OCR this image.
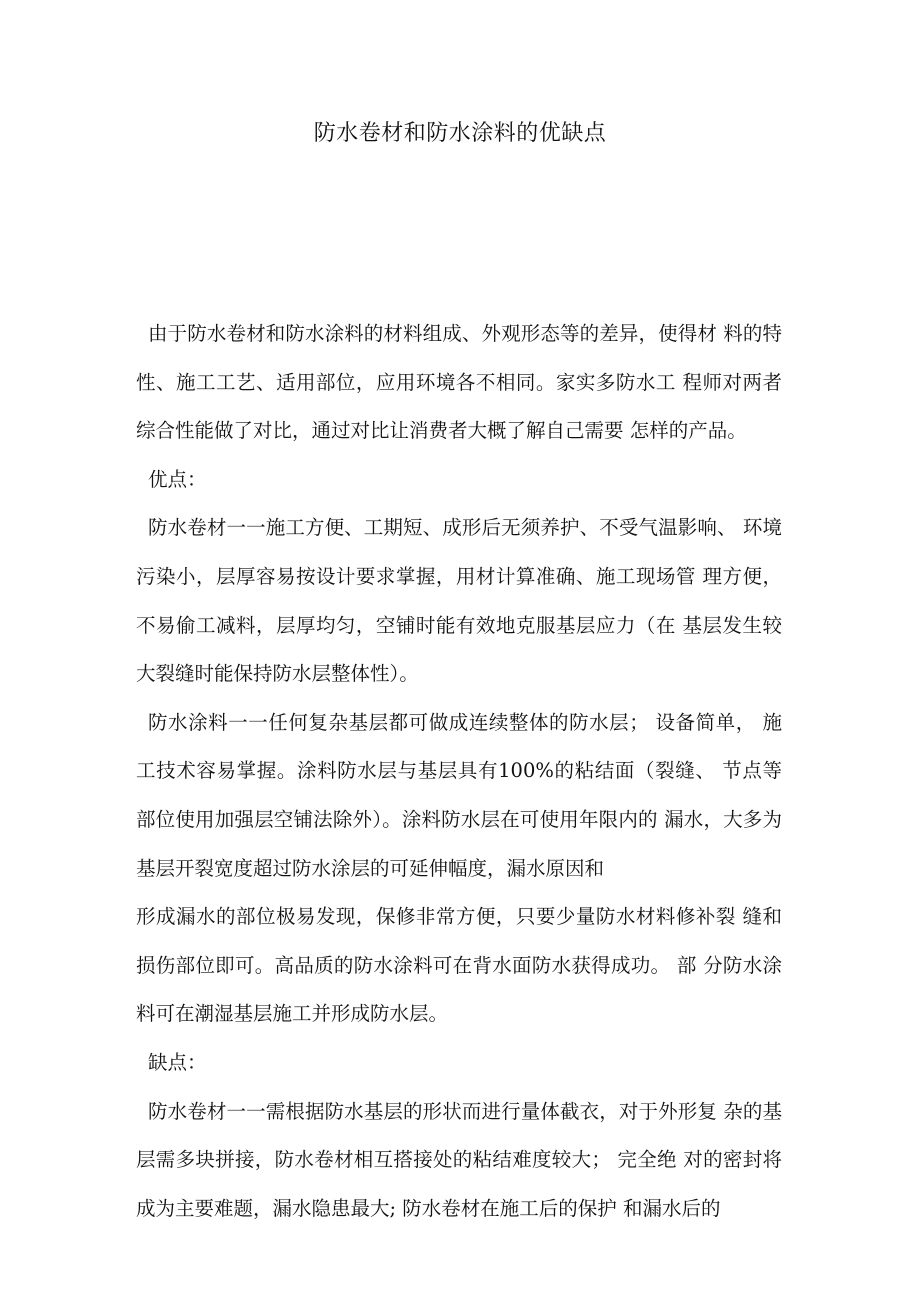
防水卷材和防水涂料的优缺点

由于防水卷材和防水涂料的材料组成、外观形态等的差异，使得材 料的特性、施工工艺、适用部位，应用环境各不相同。家实多防水工 程师对两者综合性能做了对比，通过对比让消费者大概了解自己需要 怎样的产品。

优点：

防水卷材一一施工方便、工期短、成形后无须养护、不受气温影响、 环境污染小，层厚容易按设计要求掌握，用材计算准确、施工现场管 理方便，不易偷工减料，层厚均匀，空铺时能有效地克服基层应力（在 基层发生较大裂缝时能保持防水层整体性）。

防水涂料一一任何复杂基层都可做成连续整体的防水层； 设备简单， 施工技术容易掌握。涂料防水层与基层具有100%的粘结面（裂缝、 节点等部位使用加强层空铺法除外）。涂料防水层在可使用年限内的 漏水，大多为基层开裂宽度超过防水涂层的可延伸幅度，漏水原因和

形成漏水的部位极易发现，保修非常方便，只要少量防水材料修补裂 缝和损伤部位即可。高品质的防水涂料可在背水面防水获得成功。 部 分防水涂料可在潮湿基层施工并形成防水层。

缺点：

防水卷材一一需根据防水基层的形状而进行量体截衣，对于外形复 杂的基层需多块拼接，防水卷材相互搭接处的粘结难度较大； 完全绝 对的密封将成为主要难题，漏水隐患最大; 防水卷材在施工后的保护 和漏水后的
